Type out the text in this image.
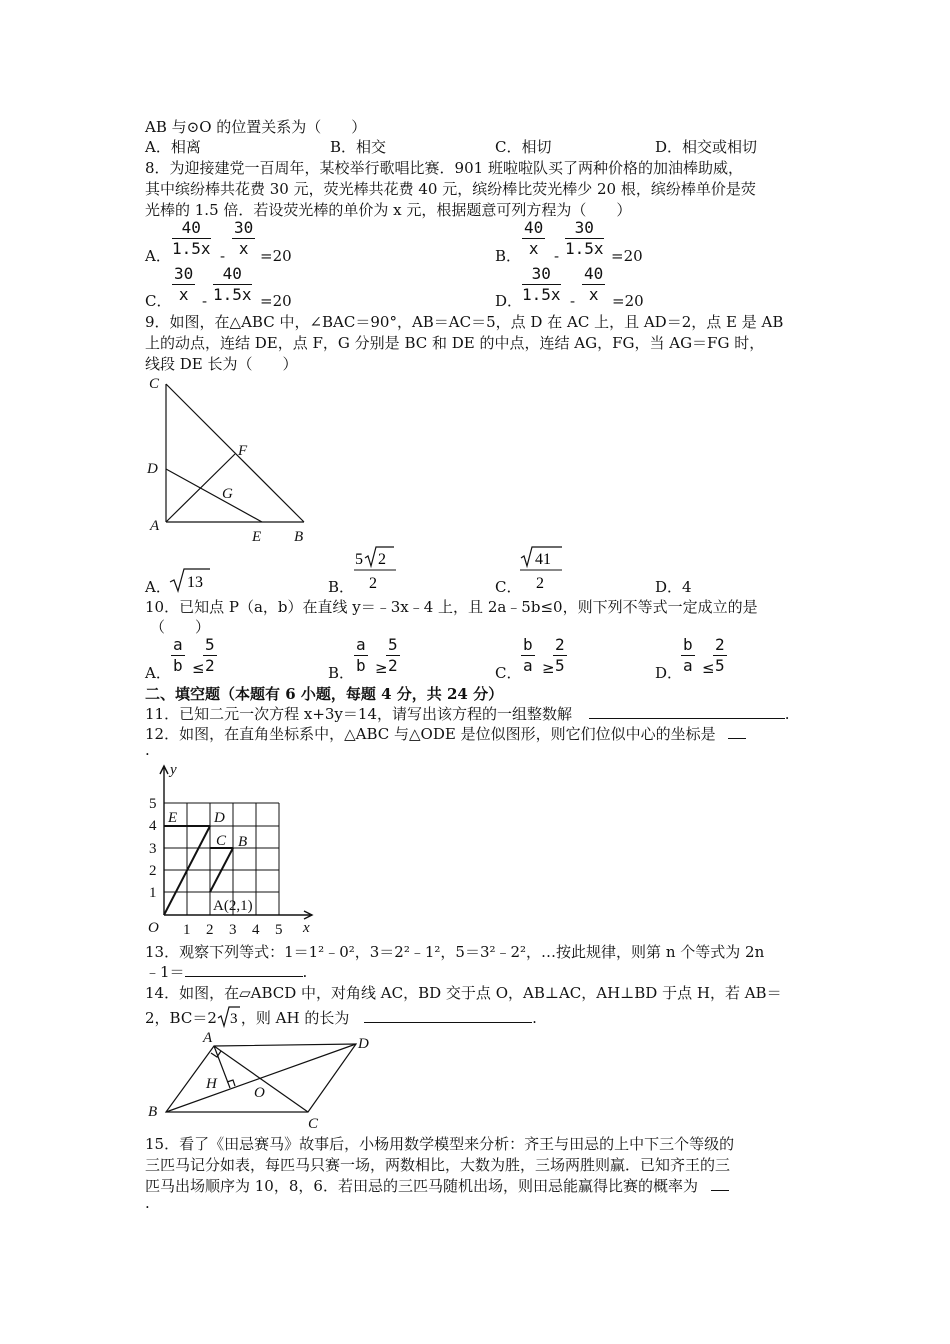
AB 与⊙O 的位置关系为（　　）
A．相离	B．相交	C．相切	D．相交或相切
8．为迎接建党一百周年，某校举行歌唱比赛．901 班啦啦队买了两种价格的加油棒助威，
其中缤纷棒共花费 30 元，荧光棒共花费 40 元，缤纷棒比荧光棒少 20 根，缤纷棒单价是荧
光棒的 1.5 倍．若设荧光棒的单价为 x 元，根据题意可列方程为（　　）
A． $\frac{40}{1.5x} - \frac{30}{x} =20$	B． $\frac{40}{x} - \frac{30}{1.5x} =20$
C． $\frac{30}{x} - \frac{40}{1.5x} =20$	D． $\frac{30}{1.5x} - \frac{40}{x} =20$
9．如图，在△ABC 中，∠BAC＝90°，AB＝AC＝5，点 D 在 AC 上，且 AD＝2，点 E 是 AB
上的动点，连结 DE，点 F，G 分别是 BC 和 DE 的中点，连结 AG，FG，当 AG＝FG 时，
线段 DE 长为（　　）
C
D
A
E B
F
G
A． 13	B．
5 2
2	C．
41
2	D． 4
10．已知点 P（a，b）在直线 y＝﹣3x﹣4 上，且 2a﹣5b≤0，则下列不等式一定成立的是
（　　）
A． $\frac{a}{b}$ ≤
$\frac{5}{2}$	B． $\frac{a}{b}$ ≥
$\frac{5}{2}$	C． $\frac{b}{a}$ ≥
$\frac{2}{5}$	D．
$\frac{b}{a}$ ≤
$\frac{2}{5}$
二、填空题（本题有 6 小题，每题 4 分，共 24 分）
11．已知二元一次方程 x+3y＝14，请写出该方程的一组整数解	.
12．如图，在直角坐标系中，△ABC 与△ODE 是位似图形，则它们位似中心的坐标是
.
y
x
O
E D
C B
A(2,1)
5
4
3
2
1
1 2 3 4 5
13．观察下列等式：1＝1²﹣0²，3＝2²﹣1²，5＝3²﹣2²，…按此规律，则第 n 个等式为 2n
﹣1＝	.
14．如图，在▱ABCD 中，对角线 AC，BD 交于点 O，AB⊥AC，AH⊥BD 于点 H，若 AB＝
2，BC＝2 3 ，则 AH 的长为	.
A	D
H
O
B
C
15．看了《田忌赛马》故事后，小杨用数学模型来分析：齐王与田忌的上中下三个等级的
三匹马记分如表，每匹马只赛一场，两数相比，大数为胜，三场两胜则赢．已知齐王的三
匹马出场顺序为 10，8，6．若田忌的三匹马随机出场，则田忌能赢得比赛的概率为
.
